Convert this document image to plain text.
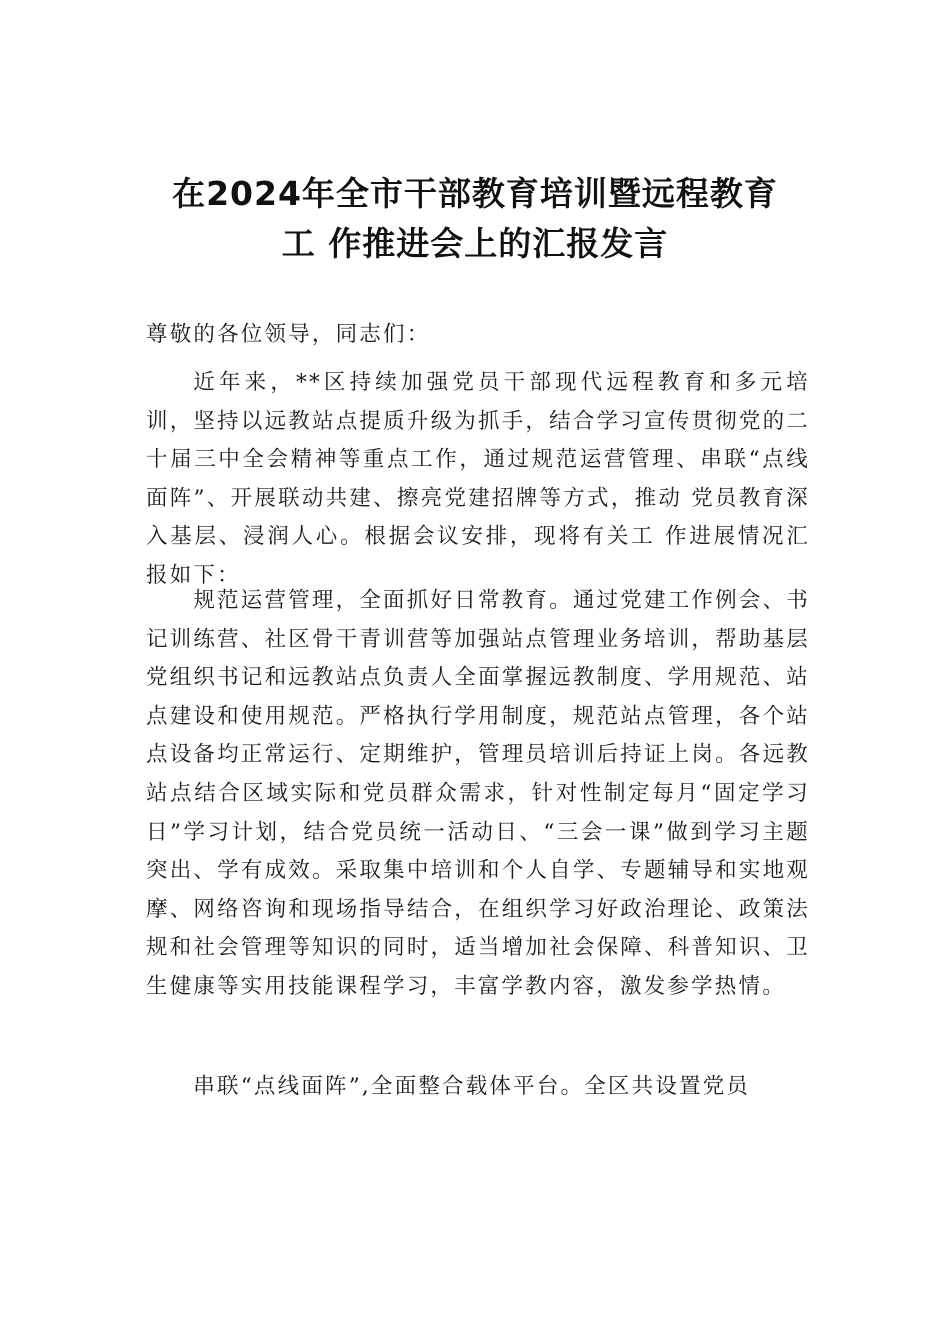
在2024年全市干部教育培训暨远程教育
工 作推进会上的汇报发言

尊敬的各位领导，同志们：

近年来，**区持续加强党员干部现代远程教育和多元培训，坚持以远教站点提质升级为抓手，结合学习宣传贯彻党的二十届三中全会精神等重点工作，通过规范运营管理、串联“点线面阵”、开展联动共建、擦亮党建招牌等方式，推动 党员教育深入基层、浸润人心。根据会议安排，现将有关工 作进展情况汇报如下：

规范运营管理，全面抓好日常教育。通过党建工作例会、书记训练营、社区骨干青训营等加强站点管理业务培训，帮助基层党组织书记和远教站点负责人全面掌握远教制度、学用规范、站点建设和使用规范。严格执行学用制度，规范站点管理，各个站点设备均正常运行、定期维护，管理员培训后持证上岗。各远教站点结合区域实际和党员群众需求，针对性制定每月“固定学习日”学习计划，结合党员统一活动日、“三会一课”做到学习主题突出、学有成效。采取集中培训和个人自学、专题辅导和实地观摩、网络咨询和现场指导结合，在组织学习好政治理论、政策法规和社会管理等知识的同时，适当增加社会保障、科普知识、卫生健康等实用技能课程学习，丰富学教内容，激发参学热情。

串联“点线面阵”,全面整合载体平台。全区共设置党员
